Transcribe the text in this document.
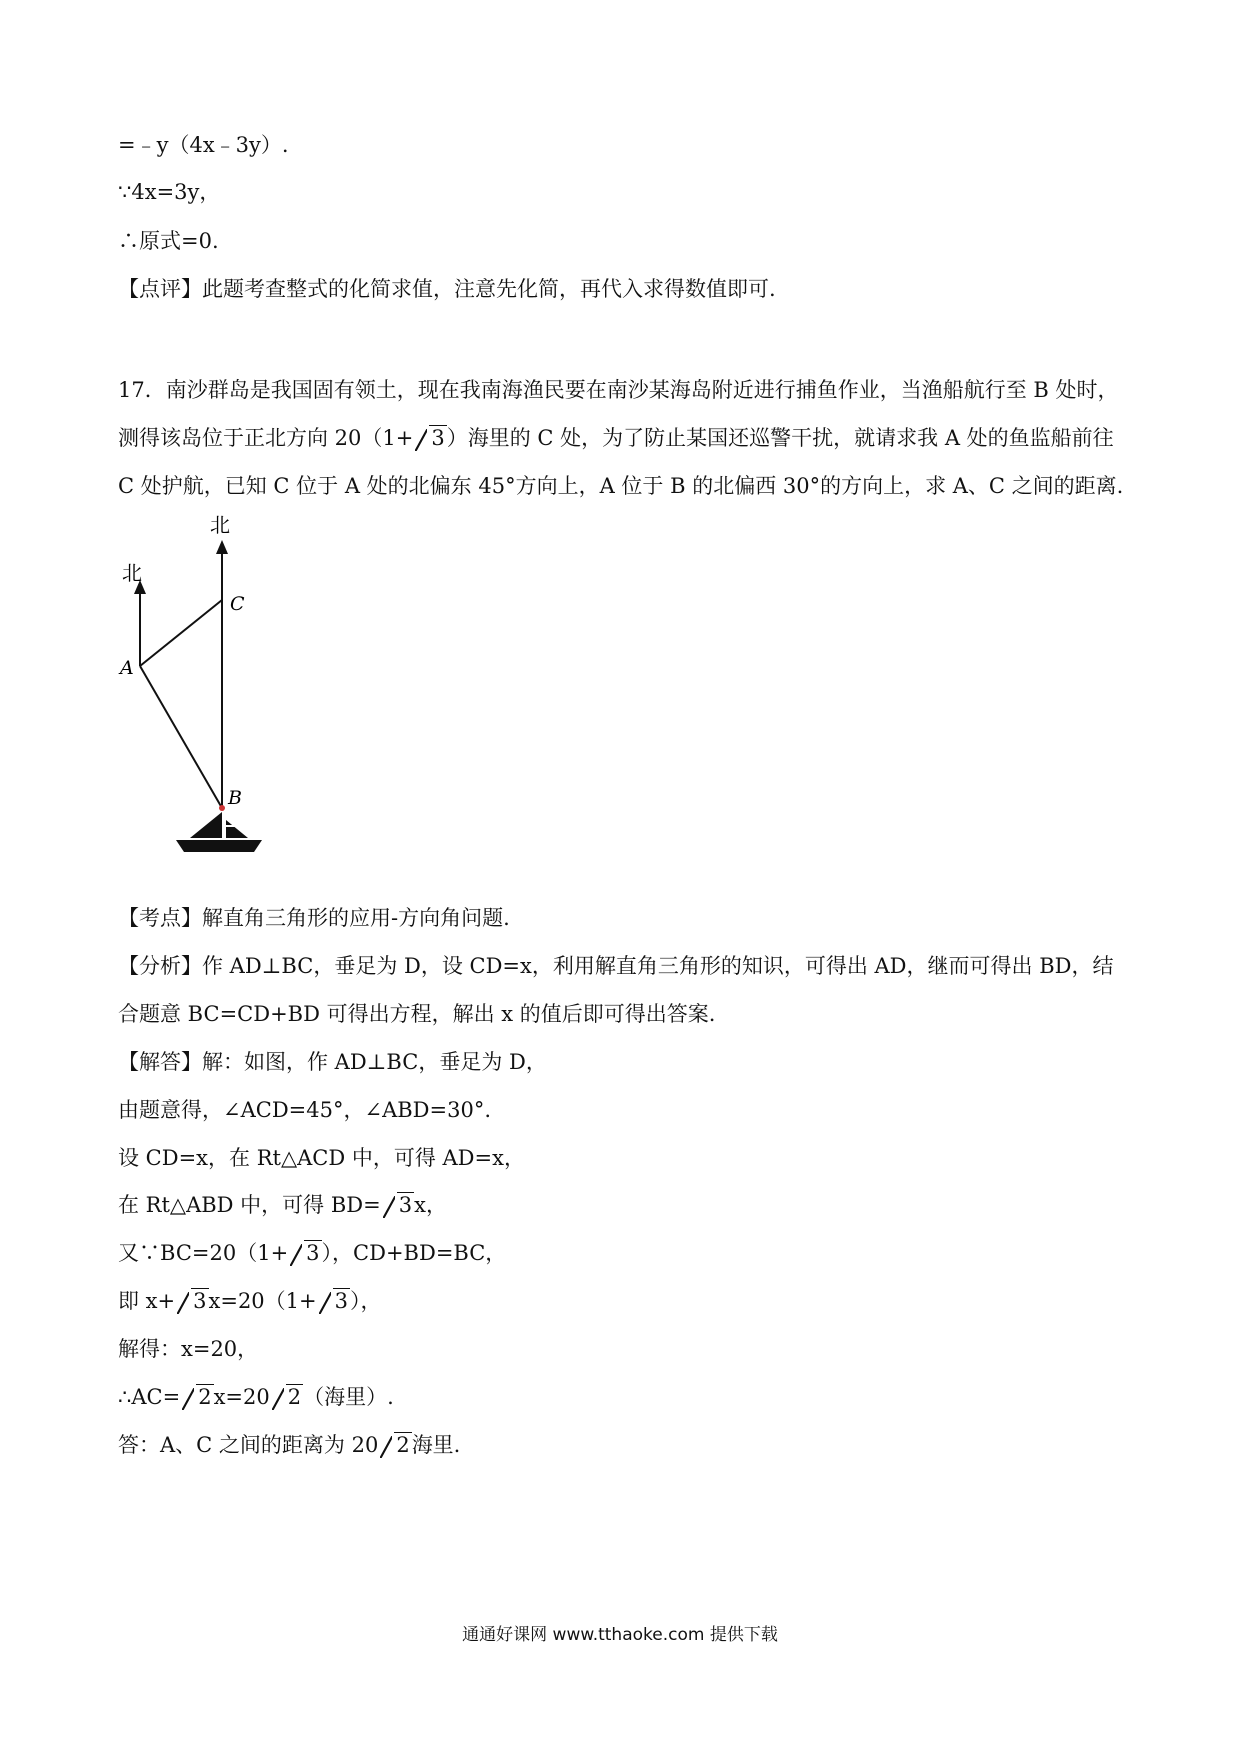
=﹣y（4x﹣3y）.
∵4x=3y，
∴原式=0.
【点评】此题考查整式的化简求值，注意先化简，再代入求得数值即可.
17．南沙群岛是我国固有领土，现在我南海渔民要在南沙某海岛附近进行捕鱼作业，当渔船航行至 B 处时，
测得该岛位于正北方向 20（1+ 3）海里的 C 处，为了防止某国还巡警干扰，就请求我 A 处的鱼监船前往
C 处护航，已知 C 位于 A 处的北偏东 45°方向上，A 位于 B 的北偏西 30°的方向上，求 A、C 之间的距离.
北
北
A
C
B
【考点】解直角三角形的应用-方向角问题.
【分析】作 AD⊥BC，垂足为 D，设 CD=x，利用解直角三角形的知识，可得出 AD，继而可得出 BD，结
合题意 BC=CD+BD 可得出方程，解出 x 的值后即可得出答案.
【解答】解：如图，作 AD⊥BC，垂足为 D，
由题意得，∠ACD=45°，∠ABD=30°.
设 CD=x，在 Rt△ACD 中，可得 AD=x，
在 Rt△ABD 中，可得 BD= 3x，
又∵BC=20（1+ 3），CD+BD=BC，
即 x+ 3x=20（1+ 3），
解得：x=20，
∴AC= 2x=20 2（海里）.
答：A、C 之间的距离为 20 2海里.
通通好课网 www.tthaoke.com 提供下载
